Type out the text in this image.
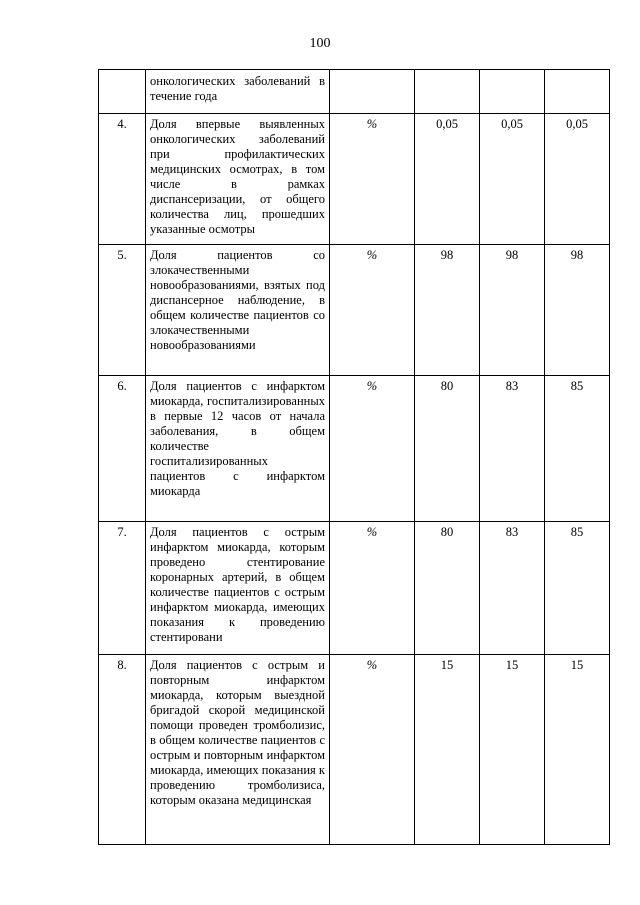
100
	онкологических заболеваний в течение года				
4.	Доля впервые выявленных онкологических заболеваний при профилактических медицинских осмотрах, в том числе в рамках диспансеризации, от общего количества лиц, прошедших указанные осмотры	%	0,05	0,05	0,05
5.	Доля пациентов со злокачественными новообразованиями, взятых под диспансерное наблюдение, в общем количестве пациентов со злокачественными новообразованиями	%	98	98	98
6.	Доля пациентов с инфарктом миокарда, госпитализированных в первые 12 часов от начала заболевания, в общем количестве госпитализированных пациентов с инфарктом миокарда	%	80	83	85
7.	Доля пациентов с острым инфарктом миокарда, которым проведено стентирование коронарных артерий, в общем количестве пациентов с острым инфарктом миокарда, имеющих показания к проведению стентировани	%	80	83	85
8.	Доля пациентов с острым и повторным инфарктом миокарда, которым выездной бригадой скорой медицинской помощи проведен тромболизис, в общем количестве пациентов с острым и повторным инфарктом миокарда, имеющих показания к проведению тромболизиса, которым оказана медицинская	%	15	15	15
